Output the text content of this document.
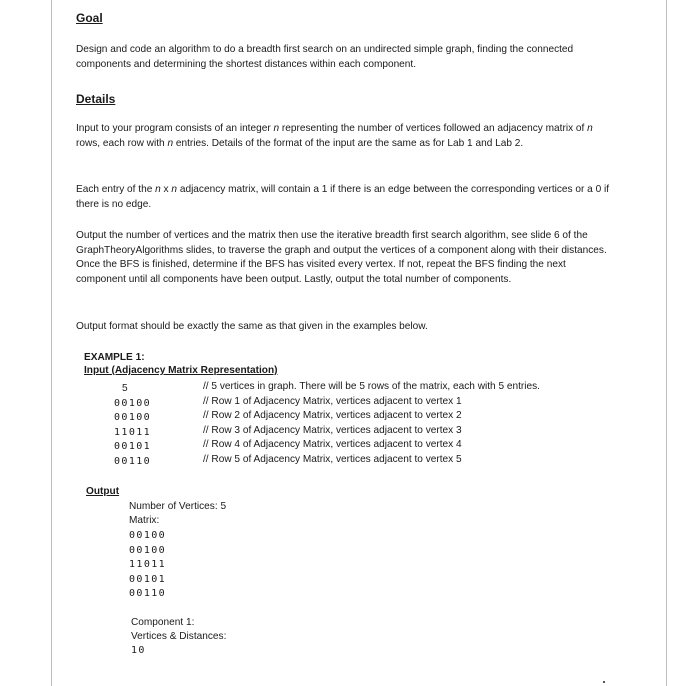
Goal
Design and code an algorithm to do a breadth first search on an undirected simple graph, finding the connected components and determining the shortest distances within each component.
Details
Input to your program consists of an integer n representing the number of vertices followed an adjacency matrix of n rows, each row with n entries. Details of the format of the input are the same as for Lab 1 and Lab 2.
Each entry of the n x n adjacency matrix, will contain a 1 if there is an edge between the corresponding vertices or a 0 if there is no edge.
Output the number of vertices and the matrix then use the iterative breadth first search algorithm, see slide 6 of the GraphTheoryAlgorithms slides, to traverse the graph and output the vertices of a component along with their distances. Once the BFS is finished, determine if the BFS has visited every vertex. If not, repeat the BFS finding the next component until all components have been output. Lastly, output the total number of components.
Output format should be exactly the same as that given in the examples below.
EXAMPLE 1:
Input (Adjacency Matrix Representation)
5
00100
00100
11011
00101
00110
// 5 vertices in graph. There will be 5 rows of the matrix, each with 5 entries.
// Row 1 of Adjacency Matrix, vertices adjacent to vertex 1
// Row 2 of Adjacency Matrix, vertices adjacent to vertex 2
// Row 3 of Adjacency Matrix, vertices adjacent to vertex 3
// Row 4 of Adjacency Matrix, vertices adjacent to vertex 4
// Row 5 of Adjacency Matrix, vertices adjacent to vertex 5
Output
Number of Vertices: 5
Matrix:
00100
00100
11011
00101
00110
Component 1:
Vertices & Distances:
10
